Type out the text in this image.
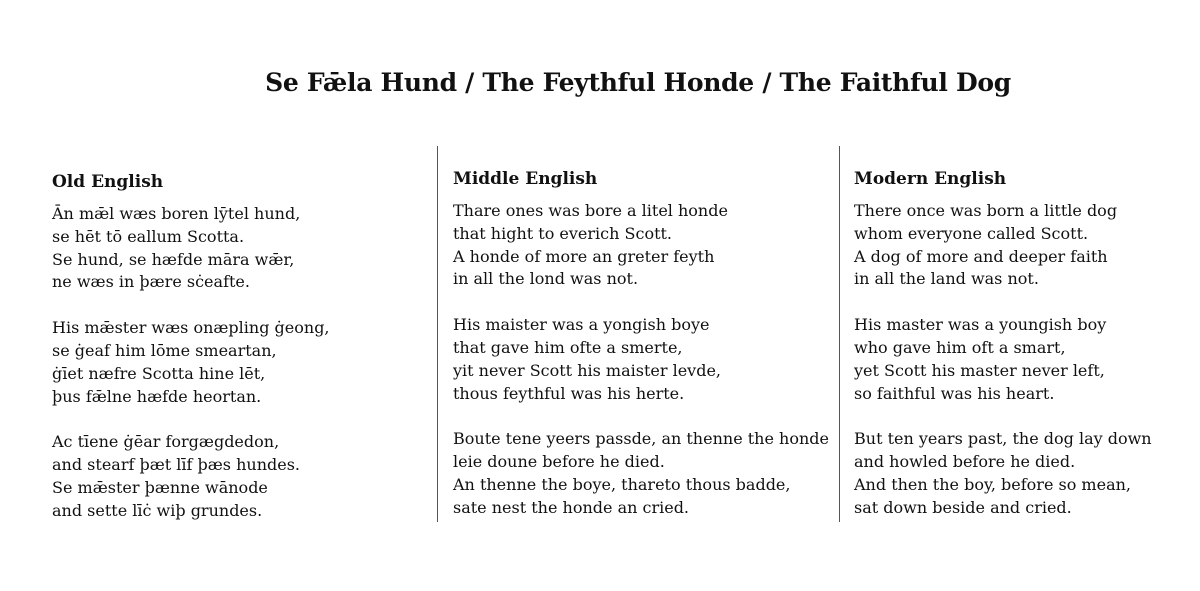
Se Fǣla Hund / The Feythful Honde / The Faithful Dog
Old English
Ān mǣl wæs boren lȳtel hund,
se hēt tō eallum Scotta.
Se hund, se hæfde māra wǣr,
ne wæs in þære sċeafte.
His mǣster wæs onæpling ġeong,
se ġeaf him lōme smeartan,
ġīet næfre Scotta hine lēt,
þus fǣlne hæfde heortan.
Ac tīene ġēar forgægdedon,
and stearf þæt līf þæs hundes.
Se mǣster þænne wānode
and sette līċ wiþ grundes.
Middle English
Thare ones was bore a litel honde
that hight to everich Scott.
A honde of more an greter feyth
in all the lond was not.
His maister was a yongish boye
that gave him ofte a smerte,
yit never Scott his maister levde,
thous feythful was his herte.
Boute tene yeers passde, an thenne the honde
leie doune before he died.
An thenne the boye, thareto thous badde,
sate nest the honde an cried.
Modern English
There once was born a little dog
whom everyone called Scott.
A dog of more and deeper faith
in all the land was not.
His master was a youngish boy
who gave him oft a smart,
yet Scott his master never left,
so faithful was his heart.
But ten years past, the dog lay down
and howled before he died.
And then the boy, before so mean,
sat down beside and cried.
